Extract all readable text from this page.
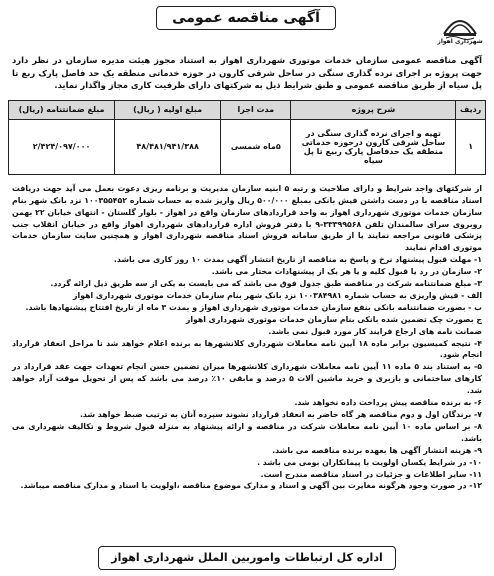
شهرداری اهواز
آگهی مناقصه عمومی
آگهی مناقصه عمومی سازمان خدمات موتوری شهرداری اهواز به استناد مجوز هیئت مدیره سازمان در نظر دارد جهت پروژه بر اجرای نرده گذاری سنگی در ساحل شرقی کارون در حوزه خدماتی منطقه یک حد فاصل پارک ربع تا پل سیاه از طریق مناقصه عمومی و طبق شرایط ذیل به شرکتهای دارای ظرفیت کاری مجاز واگذار نماید.
ردیف	شرح پروژه	مدت اجرا	مبلغ اولیه ( ریال)	مبلغ ضمانتنامه (ریال)
۱	تهیه و اجرای نرده گذاری سنگی در ساحل شرقی کارون درحوزه خدماتی منطقه یک حدفاصل پارک ربیع تا پل سیاه	۵ماه شمسی	۴۸/۴۸۱/۹۴۱/۳۸۸	۲/۴۲۴/۰۹۷/۰۰۰

از شرکتهای واجد شرایط و دارای صلاحیت و رتبه ۵ ابنیه سازمان مدیریت و برنامه ریزی دعوت بعمل می آید جهت دریافت اسناد مناقصه با در دست داشتن فیش بانکی بمبلغ ۵۰۰/۰۰۰ ریال واریز شده به حساب شماره ۱۰۰۳۵۵۴۵۲ نزد بانک شهر بنام سازمان خدمات موتوری شهرداری اهواز به واحد قراردادهای سازمان واقع در اهواز - بلوار گلستان - انتهای خیابان ۲۲ بهمن روبروی سرای سالمندان تلفن ۳۳۳۹۹۵۶۸-۹ با دفتر فروش اداره قراردادهای شهرداری اهواز واقع در خیابان انقلاب جنب پزشکی قانونی مراجعه نمایند یا از طریق سامانه فروش اسناد مناقصه شهرداری اهواز و همچنین سایت سازمان خدمات موتوری اقدام نمایند

۱- مهلت قبول پیشنهاد نرخ و پاسخ به مناقصه از تاریخ انتشار آگهی بمدت ۱۰ روز کاری می باشد.

۲- سازمان در رد یا قبول کلیه و یا هر یک از پیشنهادات مختار می باشد.

۳- مبلغ ضمانتنامه شرکت در مناقصه طبق جدول فوق می باشد که می بایست به یکی از سه طریق ذیل ارائه گردد.

الف - فیش واریزی به حساب شماره ۱۰۰۳۸۴۹۸۱ نزد بانک شهر بنام سازمان خدمات موتوری شهرداری اهواز

ب - بصورت ضمانتنامه بانکی بنفع سازمان خدمات موتوری شهرداری اهواز و بمدت ۳ ماه از تاریخ افتتاح پیشنهادها باشد.

ج بصورت چک تضمین شده بانکی بنام سازمان خدمات موتوری شهرداری اهواز

ضمانت نامه های ارجاع فرایند کار مورد قبول نمی باشد.

۴- نتیجه کمیسیون برابر ماده ۱۸ آیین نامه معاملات شهرداری کلانشهرها به برنده اعلام خواهد شد تا مراحل انعقاد قرارداد انجام شود.

۵- به استناد بند ۵ ماده ۱۱ آیین نامه معاملات شهرداری کلانشهرها میزان تضمین حسن انجام تعهدات جهت عقد قرارداد در کارهای ساختمانی و بازبری و خرید ماشین آلات ۵ درصد و مابقی ۱۰٪ درصد می باشد که پس از تحویل موقت آزاد خواهد شد.

۶- به برنده مناقصه پیش پرداخت داده نخواهد شد.

۷- برندگان اول و دوم مناقصه هر گاه حاضر به انعقاد قرارداد نشوند سپرده آنان به ترتیب ضبط خواهد شد.

۸- بر اساس ماده ۱۰ آیین نامه معاملات شرکت در مناقصه و ارائه پیشنهاد به منزله قبول شروط و تکالیف شهرداری می باشد.

۹- هزینه انتشار آگهی ها بعهده برنده مناقصه می باشد.

۱۰- در شرایط یکسان اولویت با پیمانکاران بومی می باشد .

۱۱- سایر اطلاعات و جزئیات در اسناد مناقصه مندرج است.

۱۲- در صورت وجود هرگونه مغایرت بین آگهی و اسناد و مدارک موضوع مناقصه ،اولویت با اسناد و مدارک مناقصه میباشد.

اداره کل ارتباطات واموربین الملل شهرداری اهواز
